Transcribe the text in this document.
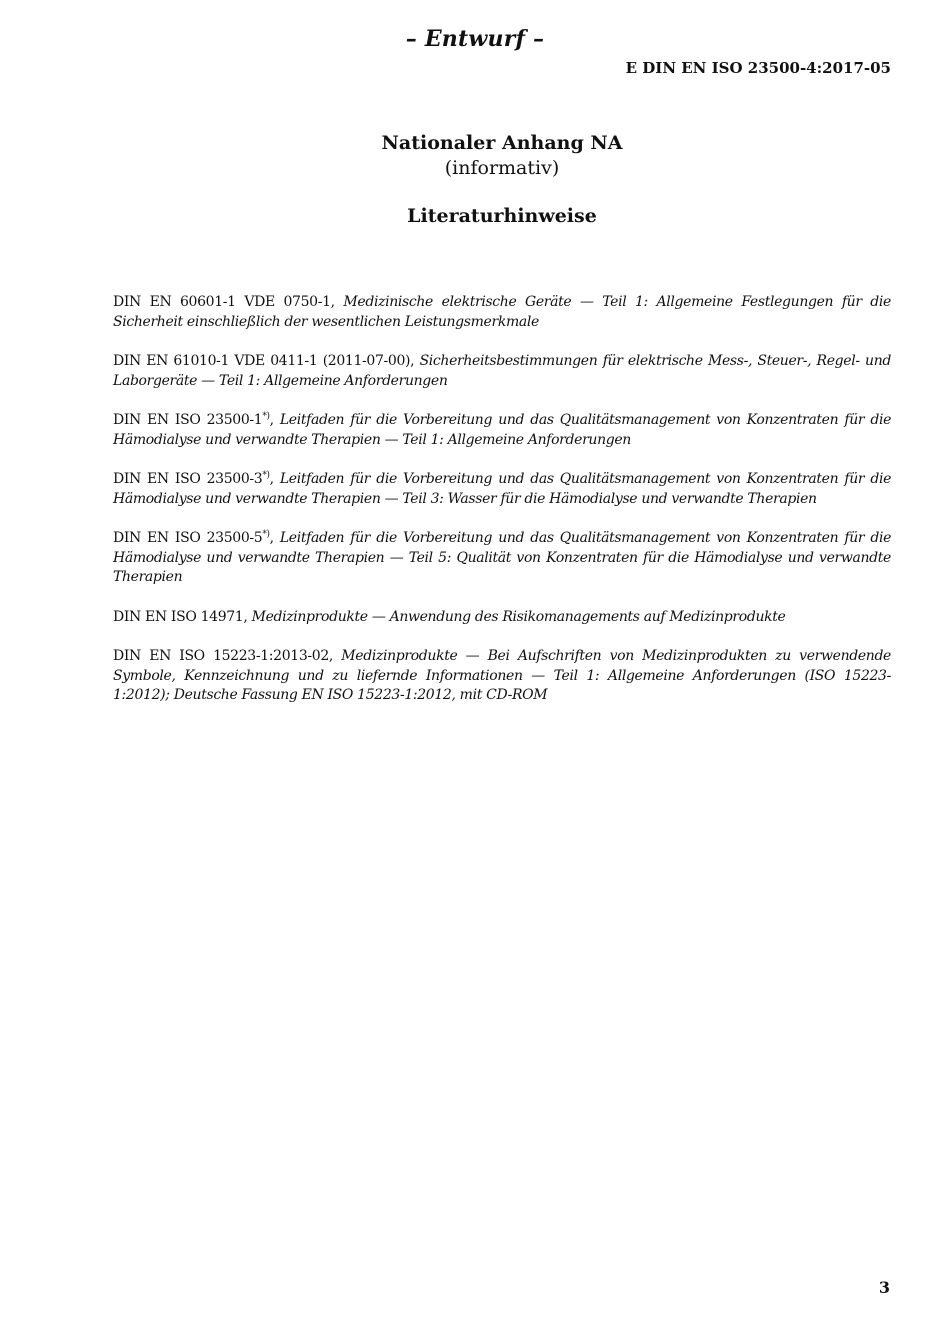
– Entwurf –
E DIN EN ISO 23500-4:2017-05
Nationaler Anhang NA
(informativ)
Literaturhinweise

DIN EN 60601-1 VDE 0750-1, Medizinische elektrische Geräte — Teil 1: Allgemeine Festlegungen für die Sicherheit einschließlich der wesentlichen Leistungsmerkmale

DIN EN 61010-1 VDE 0411-1 (2011-07-00), Sicherheitsbestimmungen für elektrische Mess-, Steuer-, Regel- und Laborgeräte — Teil 1: Allgemeine Anforderungen

DIN EN ISO 23500-1*), Leitfaden für die Vorbereitung und das Qualitätsmanagement von Konzentraten für die Hämodialyse und verwandte Therapien — Teil 1: Allgemeine Anforderungen

DIN EN ISO 23500-3*), Leitfaden für die Vorbereitung und das Qualitätsmanagement von Konzentraten für die Hämodialyse und verwandte Therapien — Teil 3: Wasser für die Hämodialyse und verwandte Therapien

DIN EN ISO 23500-5*), Leitfaden für die Vorbereitung und das Qualitätsmanagement von Konzentraten für die Hämodialyse und verwandte Therapien — Teil 5: Qualität von Konzentraten für die Hämodialyse und verwandte Therapien

DIN EN ISO 14971, Medizinprodukte — Anwendung des Risikomanagements auf Medizinprodukte

DIN EN ISO 15223-1:2013-02, Medizinprodukte — Bei Aufschriften von Medizinprodukten zu verwendende Symbole, Kennzeichnung und zu liefernde Informationen — Teil 1: Allgemeine Anforderungen (ISO 15223-1:2012); Deutsche Fassung EN ISO 15223-1:2012, mit CD-ROM

3
